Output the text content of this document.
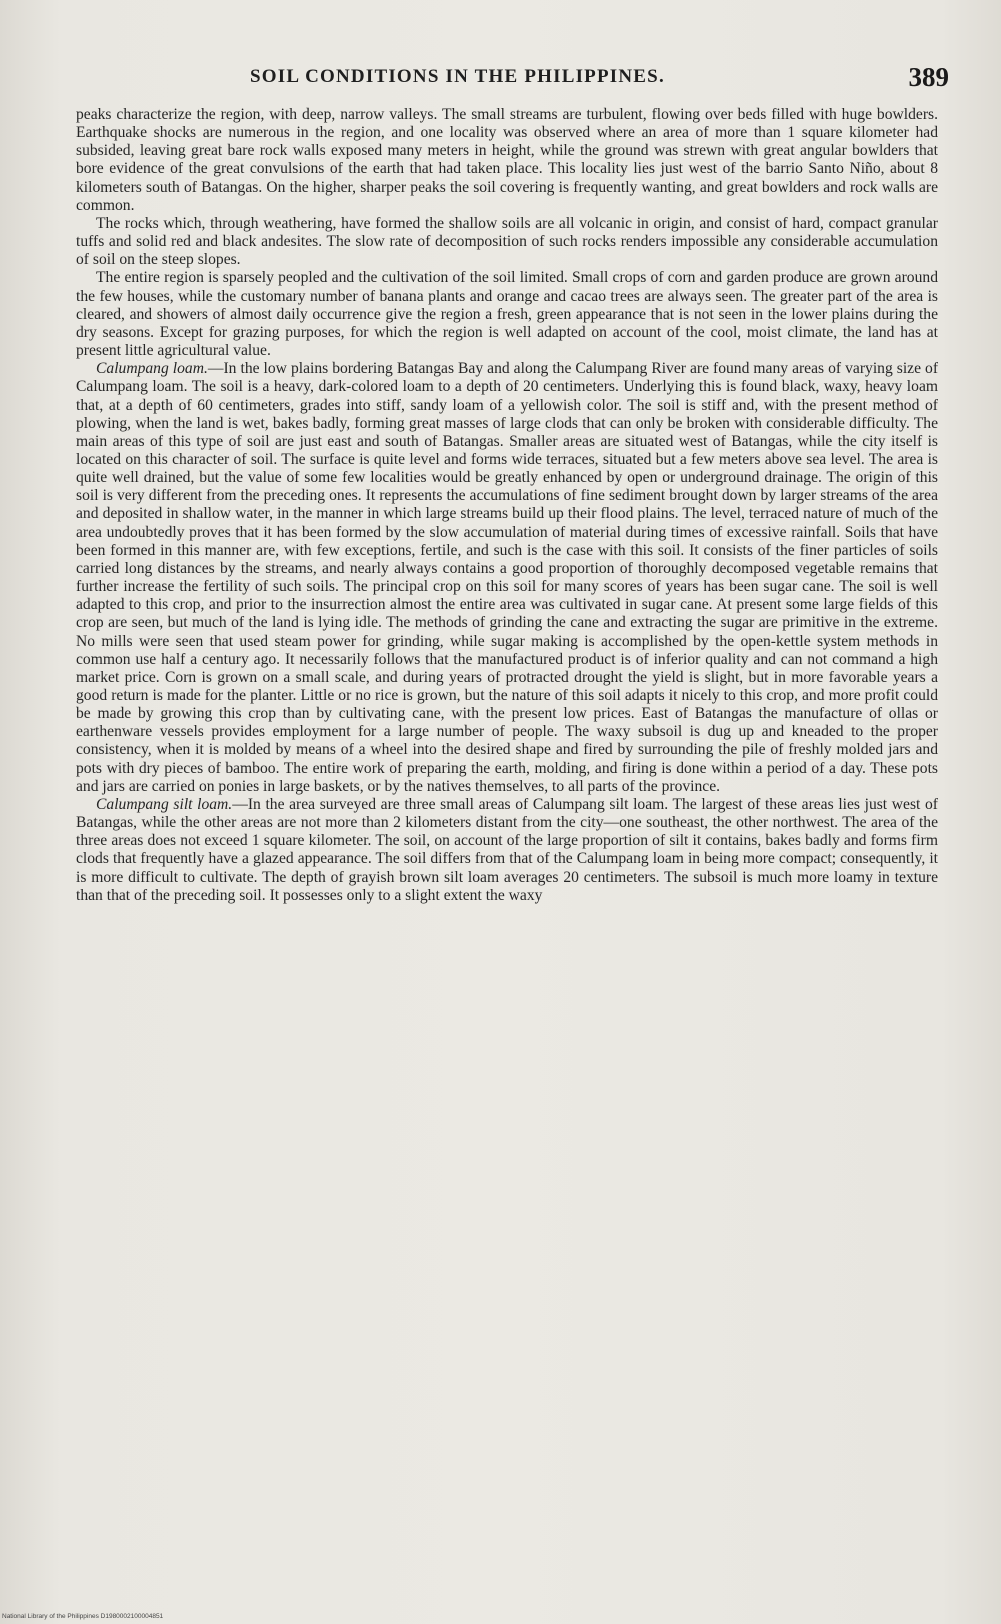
SOIL CONDITIONS IN THE PHILIPPINES.	389

peaks characterize the region, with deep, narrow valleys. The small streams are turbulent, flowing over beds filled with huge bowlders. Earthquake shocks are numerous in the region, and one locality was observed where an area of more than 1 square kilometer had subsided, leaving great bare rock walls exposed many meters in height, while the ground was strewn with great angular bowlders that bore evidence of the great convulsions of the earth that had taken place. This locality lies just west of the barrio Santo Niño, about 8 kilometers south of Batangas. On the higher, sharper peaks the soil covering is frequently wanting, and great bowlders and rock walls are common.

The rocks which, through weathering, have formed the shallow soils are all volcanic in origin, and consist of hard, compact granular tuffs and solid red and black andesites. The slow rate of decomposition of such rocks renders impossible any considerable accumulation of soil on the steep slopes.

The entire region is sparsely peopled and the cultivation of the soil limited. Small crops of corn and garden produce are grown around the few houses, while the customary number of banana plants and orange and cacao trees are always seen. The greater part of the area is cleared, and showers of almost daily occurrence give the region a fresh, green appearance that is not seen in the lower plains during the dry seasons. Except for grazing purposes, for which the region is well adapted on account of the cool, moist climate, the land has at present little agricultural value.

Calumpang loam.—In the low plains bordering Batangas Bay and along the Calumpang River are found many areas of varying size of Calumpang loam. The soil is a heavy, dark-colored loam to a depth of 20 centimeters. Underlying this is found black, waxy, heavy loam that, at a depth of 60 centimeters, grades into stiff, sandy loam of a yellowish color. The soil is stiff and, with the present method of plowing, when the land is wet, bakes badly, forming great masses of large clods that can only be broken with considerable difficulty. The main areas of this type of soil are just east and south of Batangas. Smaller areas are situated west of Batangas, while the city itself is located on this character of soil. The surface is quite level and forms wide terraces, situated but a few meters above sea level. The area is quite well drained, but the value of some few localities would be greatly enhanced by open or underground drainage. The origin of this soil is very different from the preceding ones. It represents the accumulations of fine sediment brought down by larger streams of the area and deposited in shallow water, in the manner in which large streams build up their flood plains. The level, terraced nature of much of the area undoubtedly proves that it has been formed by the slow accumulation of material during times of excessive rainfall. Soils that have been formed in this manner are, with few exceptions, fertile, and such is the case with this soil. It consists of the finer particles of soils carried long distances by the streams, and nearly always contains a good proportion of thoroughly decomposed vegetable remains that further increase the fertility of such soils. The principal crop on this soil for many scores of years has been sugar cane. The soil is well adapted to this crop, and prior to the insurrection almost the entire area was cultivated in sugar cane. At present some large fields of this crop are seen, but much of the land is lying idle. The methods of grinding the cane and extracting the sugar are primitive in the extreme. No mills were seen that used steam power for grinding, while sugar making is accomplished by the open-kettle system methods in common use half a century ago. It necessarily follows that the manufactured product is of inferior quality and can not command a high market price. Corn is grown on a small scale, and during years of protracted drought the yield is slight, but in more favorable years a good return is made for the planter. Little or no rice is grown, but the nature of this soil adapts it nicely to this crop, and more profit could be made by growing this crop than by cultivating cane, with the present low prices. East of Batangas the manufacture of ollas or earthenware vessels provides employment for a large number of people. The waxy subsoil is dug up and kneaded to the proper consistency, when it is molded by means of a wheel into the desired shape and fired by surrounding the pile of freshly molded jars and pots with dry pieces of bamboo. The entire work of preparing the earth, molding, and firing is done within a period of a day. These pots and jars are carried on ponies in large baskets, or by the natives themselves, to all parts of the province.

Calumpang silt loam.—In the area surveyed are three small areas of Calumpang silt loam. The largest of these areas lies just west of Batangas, while the other areas are not more than 2 kilometers distant from the city—one southeast, the other northwest. The area of the three areas does not exceed 1 square kilometer. The soil, on account of the large proportion of silt it contains, bakes badly and forms firm clods that frequently have a glazed appearance. The soil differs from that of the Calumpang loam in being more compact; consequently, it is more difficult to cultivate. The depth of grayish brown silt loam averages 20 centimeters. The subsoil is much more loamy in texture than that of the preceding soil. It possesses only to a slight extent the waxy

National Library of the Philippines D1980002100004851
